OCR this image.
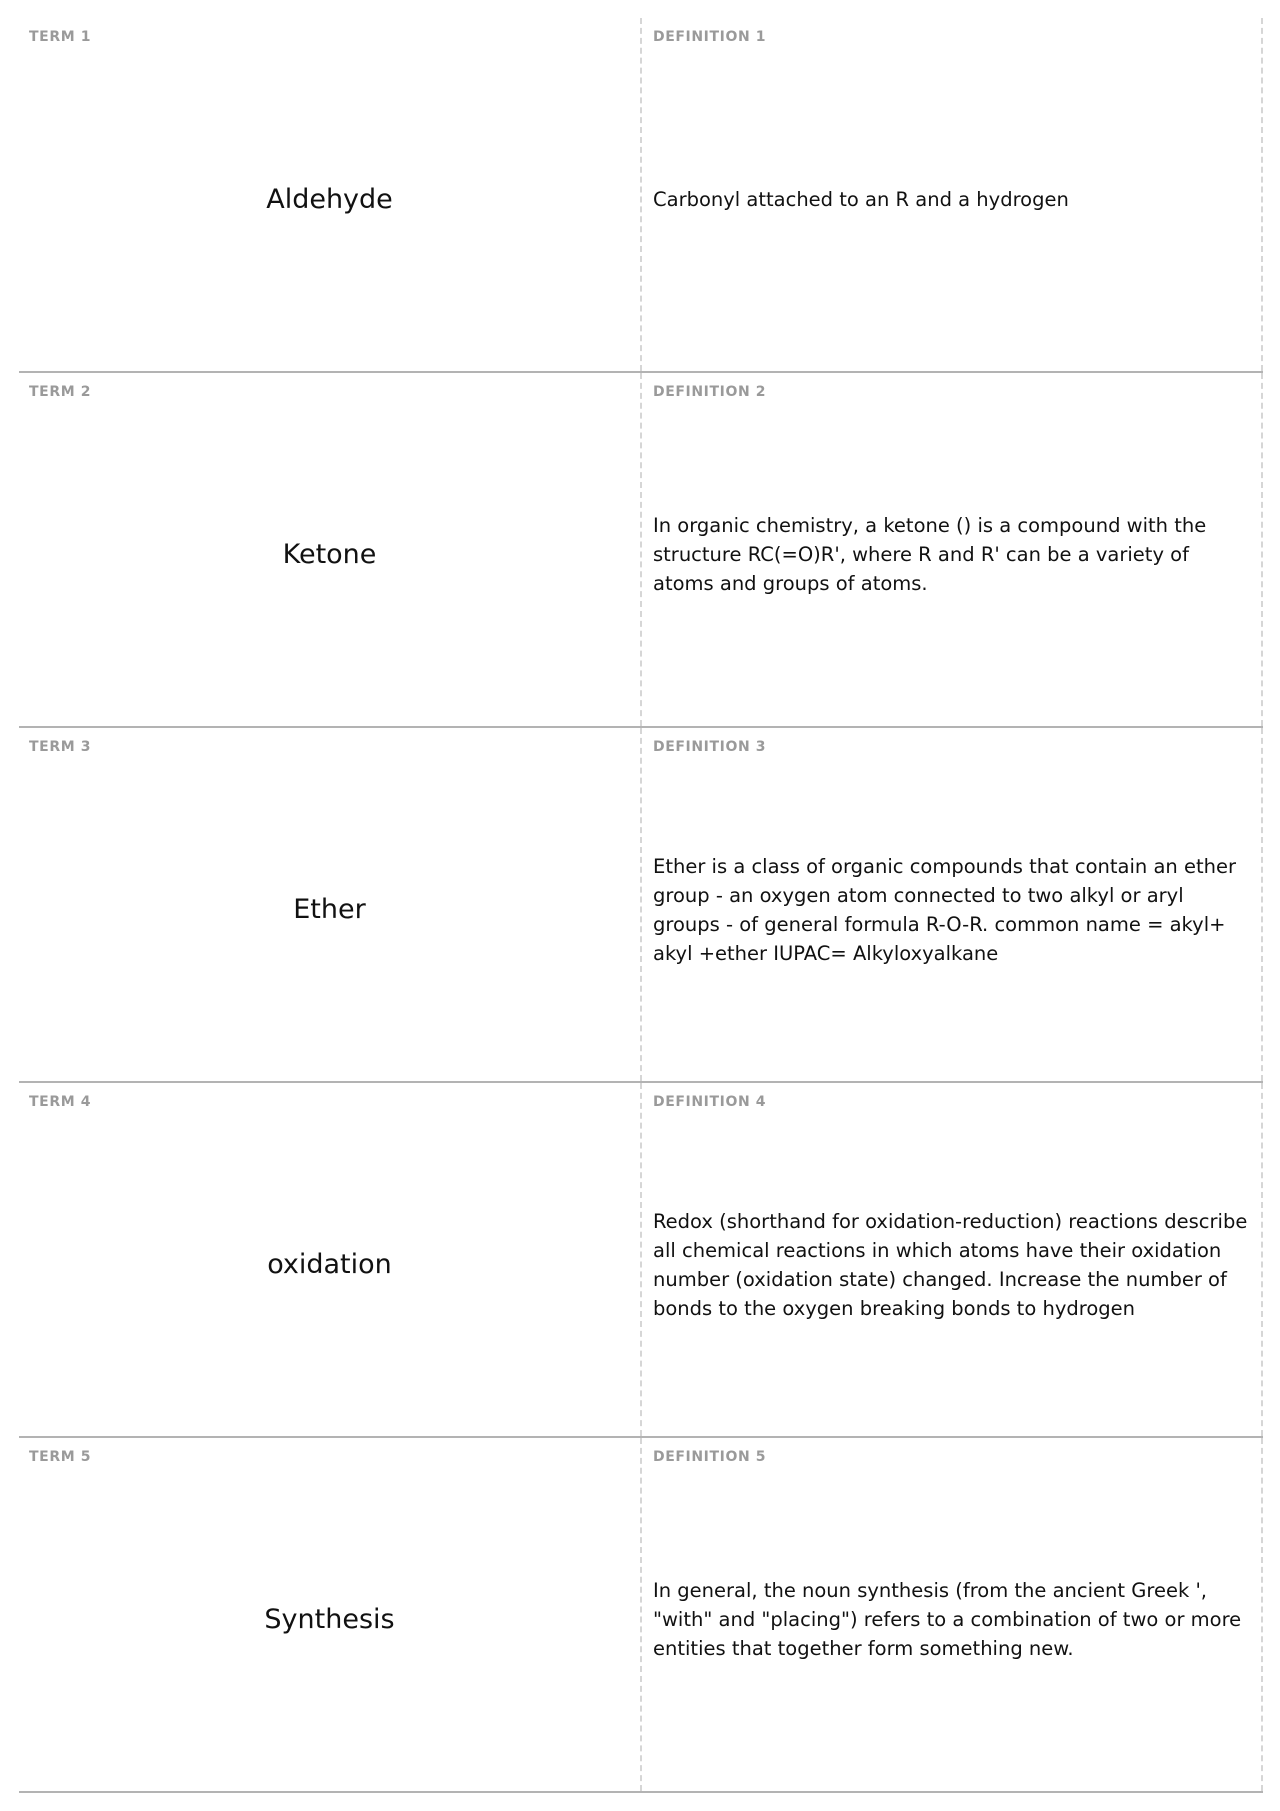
TERM 1
Aldehyde
DEFINITION 1
Carbonyl attached to an R and a hydrogen
TERM 2
Ketone
DEFINITION 2
In organic chemistry, a ketone () is a compound with the structure RC(=O)R', where R and R' can be a variety of atoms and groups of atoms.
TERM 3
Ether
DEFINITION 3
Ether is a class of organic compounds that contain an ether group - an oxygen atom connected to two alkyl or aryl groups - of general formula R-O-R. common name = akyl+ akyl +ether IUPAC= Alkyloxyalkane
TERM 4
oxidation
DEFINITION 4
Redox (shorthand for oxidation-reduction) reactions describe all chemical reactions in which atoms have their oxidation number (oxidation state) changed. Increase the number of bonds to the oxygen breaking bonds to hydrogen
TERM 5
Synthesis
DEFINITION 5
In general, the noun synthesis (from the ancient Greek ', "with" and "placing") refers to a combination of two or more entities that together form something new.
